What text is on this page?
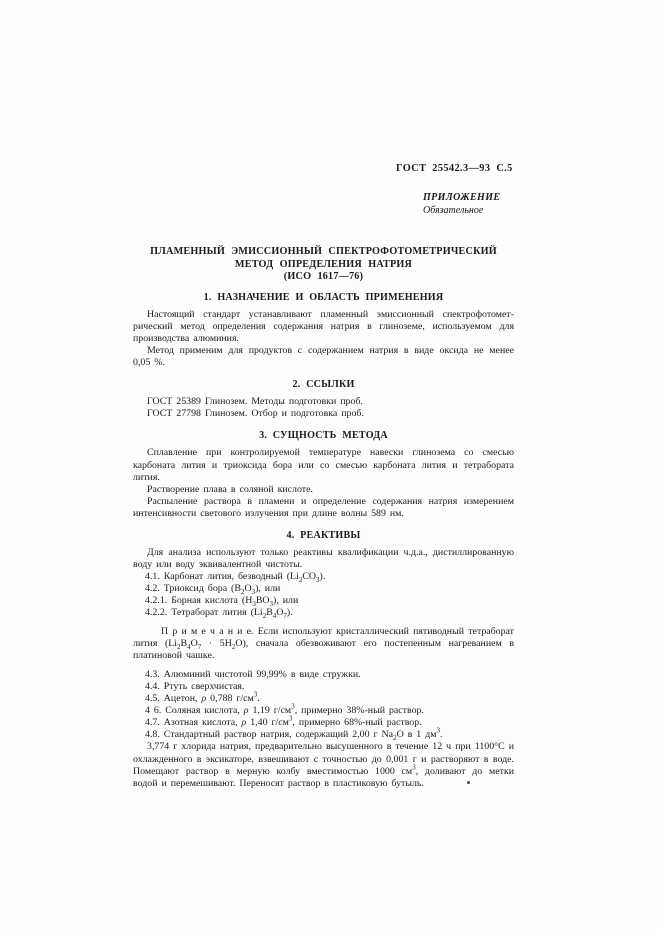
ГОСТ 25542.3—93 С.5
ПРИЛОЖЕНИЕ
Обязательное
ПЛАМЕННЫЙ ЭМИССИОННЫЙ СПЕКТРОФОТОМЕТРИЧЕСКИЙ
МЕТОД ОПРЕДЕЛЕНИЯ НАТРИЯ
(ИСО 1617—76)
1. НАЗНАЧЕНИЕ И ОБЛАСТЬ ПРИМЕНЕНИЯ

Настоящий стандарт устанавливают пламенный эмиссионный спектрофотометрический метод определения содержания натрия в глиноземе, используемом для производства алюминия.

Метод применим для продуктов с содержанием натрия в виде оксида не менее 0,05 %.

2. ССЫЛКИ

ГОСТ 25389 Глинозем. Методы подготовки проб.

ГОСТ 27798 Глинозем. Отбор и подготовка проб.

3. СУЩНОСТЬ МЕТОДА

Сплавление при контролируемой температуре навески глинозема со смесью карбоната лития и триоксида бора или со смесью карбоната лития и тетрабората лития.

Растворение плава в соляной кислоте.

Распыление раствора в пламени и определение содержания натрия измерением интенсивности светового излучения при длине волны 589 нм.

4. РЕАКТИВЫ

Для анализа используют только реактивы квалификации ч.д.а., дистиллированную воду или воду эквивалентной чистоты.

4.1. Карбонат лития, безводный $(Li_2CO_3)$.

4.2. Триоксид бора $(B_2O_3)$, или

4.2.1. Борная кислота $(H_3BO_3)$, или

4.2.2. Тетраборат лития $(Li_2B_4O_7)$.

П р и м е ч а н и е. Если используют кристаллический пятиводный тетраборат лития $(Li_2B_4O_7 \cdot 5H_2O)$, сначала обезвоживают его постепенным нагреванием в платиновой чашке.

4.3. Алюминий чистотой 99,99% в виде стружки.

4.4. Ртуть сверхчистая.

4.5. Ацетон, ρ 0,788 $г/см^3$.

4 6. Соляная кислота, ρ 1,19 $г/см^3$, примерно 38%-ный раствор.

4.7. Азотная кислота, ρ 1,40 $г/см^3$, примерно 68%-ный раствор.

4.8. Стандартный раствор натрия, содержащий 2,00 г $Na_2O$ в 1 $дм^3$.

3,774 г хлорида натрия, предварительно высушенного в течение 12 ч при 1100°С и охлажденного в эксикаторе, взвешивают с точностью до 0,001 г и растворяют в воде. Помещают раствор в мерную колбу вместимостью 1000 $см^3$, доливают до метки водой и перемешивают. Переносят раствор в пластиковую бутыль.
